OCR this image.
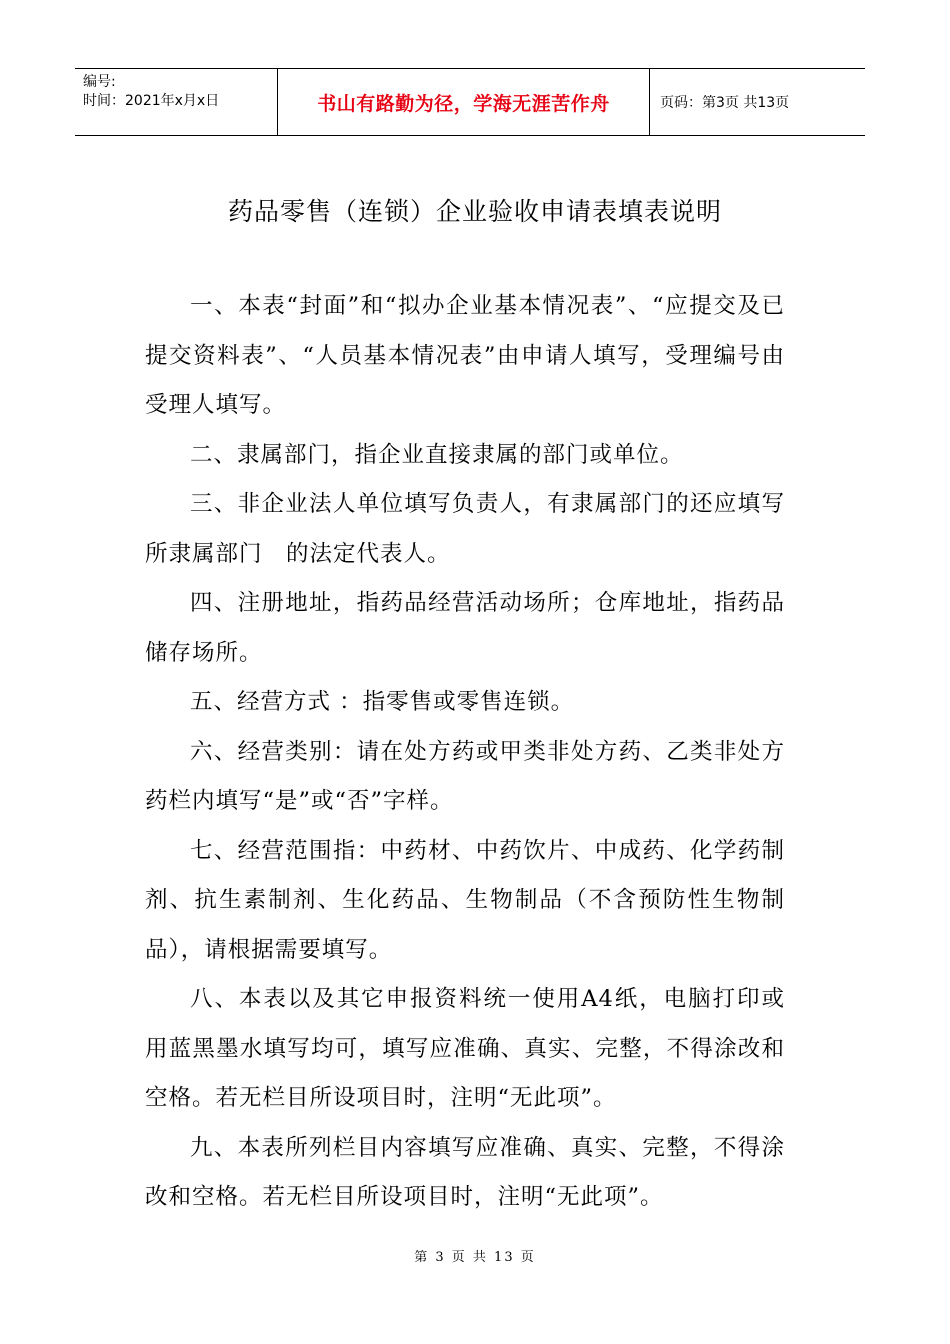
编号:
时间：2021年x月x日	书山有路勤为径，学海无涯苦作舟	页码：第3页 共13页
药品零售（连锁）企业验收申请表填表说明

一、本表“封面”和“拟办企业基本情况表”、“应提交及已提交资料表”、“人员基本情况表”由申请人填写，受理编号由受理人填写。

二、隶属部门，指企业直接隶属的部门或单位。

三、非企业法人单位填写负责人，有隶属部门的还应填写所隶属部门　的法定代表人。

四、注册地址，指药品经营活动场所；仓库地址，指药品储存场所。

五、经营方式 ：指零售或零售连锁。

六、经营类别：请在处方药或甲类非处方药、乙类非处方药栏内填写“是”或“否”字样。

七、经营范围指：中药材、中药饮片、中成药、化学药制剂、抗生素制剂、生化药品、生物制品（不含预防性生物制品），请根据需要填写。

八、本表以及其它申报资料统一使用A4纸，电脑打印或用蓝黑墨水填写均可，填写应准确、真实、完整，不得涂改和空格。若无栏目所设项目时，注明“无此项”。

九、本表所列栏目内容填写应准确、真实、完整，不得涂改和空格。若无栏目所设项目时，注明“无此项”。

第 3 页 共 13 页
